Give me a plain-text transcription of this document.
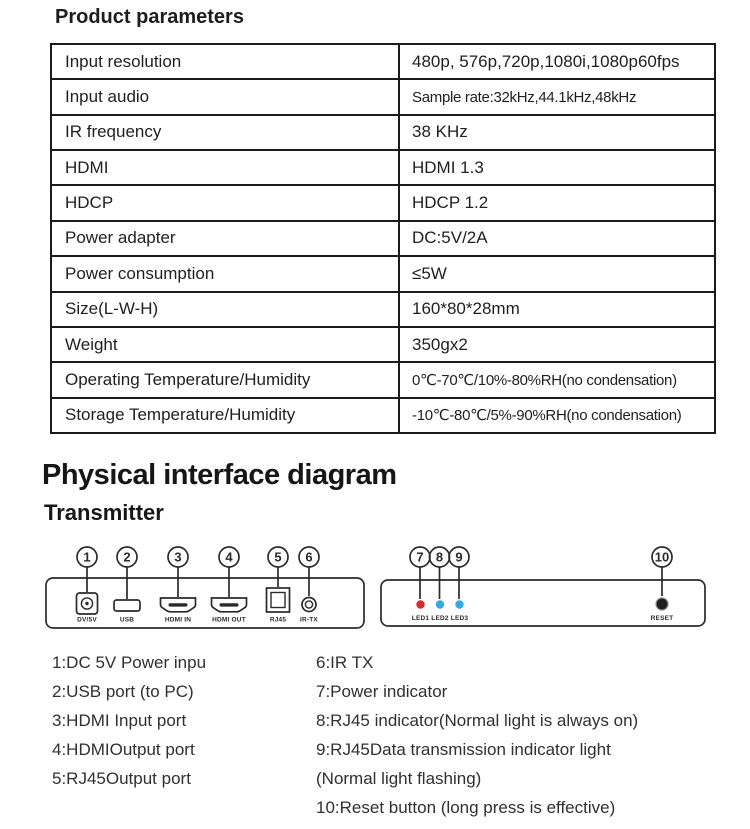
Product parameters
Input resolution	480p, 576p,720p,1080i,1080p60fps
Input audio	Sample rate:32kHz,44.1kHz,48kHz
IR frequency	38 KHz
HDMI	HDMI 1.3
HDCP	HDCP 1.2
Power adapter	DC:5V/2A
Power consumption	≤5W
Size(L-W-H)	160*80*28mm
Weight	350gx2
Operating Temperature/Humidity	0℃-70℃/10%-80%RH(no condensation)
Storage Temperature/Humidity	-10℃-80℃/5%-90%RH(no condensation)
Physical interface diagram
Transmitter
1	2	3	4	5 6
DV/5V	USB	HDMI IN	HDMI OUT	RJ45 IR-TX
7 8 9	10
LED1 LED2 LED3	RESET
1:DC 5V Power inpu
2:USB port (to PC)
3:HDMI Input port
4:HDMIOutput port
5:RJ45Output port
6:IR TX
7:Power indicator
8:RJ45 indicator(Normal light is always on)
9:RJ45Data transmission indicator light
(Normal light flashing)
10:Reset button (long press is effective)
